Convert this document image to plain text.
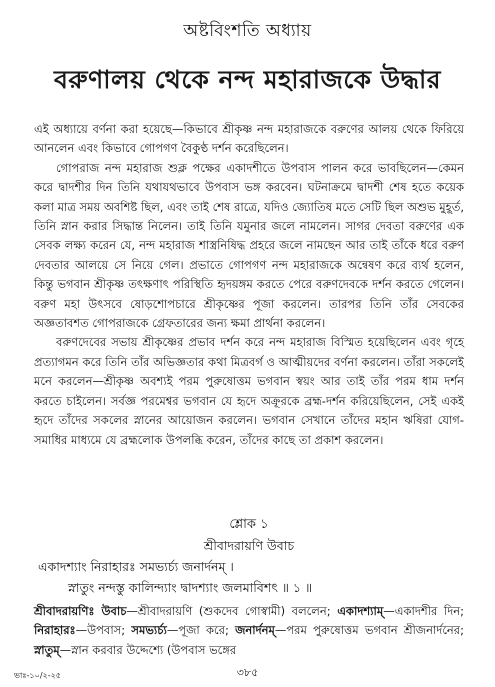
অষ্টবিংশতি অধ্যায়
বরুণালয় থেকে নন্দ মহারাজকে উদ্ধার

এই অধ্যায়ে বর্ণনা করা হয়েছে—কিভাবে শ্রীকৃষ্ণ নন্দ মহারাজকে বরুণের আলয় থেকে ফিরিয়ে আনলেন এবং কিভাবে গোপগণ বৈকুণ্ঠ দর্শন করেছিলেন।

গোপরাজ নন্দ মহারাজ শুক্ল পক্ষের একাদশীতে উপবাস পালন করে ভাবছিলেন—কেমন করে দ্বাদশীর দিন তিনি যথাযথভাবে উপবাস ভঙ্গ করবেন। ঘটনাক্রমে দ্বাদশী শেষ হতে কয়েক কলা মাত্র সময় অবশিষ্ট ছিল, এবং তাই শেষ রাত্রে, যদিও জ্যোতিষ মতে সেটি ছিল অশুভ মুহূর্ত, তিনি স্নান করার সিদ্ধান্ত নিলেন। তাই তিনি যমুনার জলে নামলেন। সাগর দেবতা বরুণের এক সেবক লক্ষ্য করেন যে, নন্দ মহারাজ শাস্ত্রনিষিদ্ধ প্রহরে জলে নামছেন আর তাই তাঁকে ধরে বরুণ দেবতার আলয়ে সে নিয়ে গেল। প্রভাতে গোপগণ নন্দ মহারাজকে অন্বেষণ করে ব্যর্থ হলেন, কিন্তু ভগবান শ্রীকৃষ্ণ তৎক্ষণাৎ পরিস্থিতি হৃদয়ঙ্গম করতে পেরে বরুণদেবকে দর্শন করতে গেলেন। বরুণ মহা উৎসবে ষোড়শোপচারে শ্রীকৃষ্ণের পূজা করলেন। তারপর তিনি তাঁর সেবকের অজ্ঞতাবশত গোপরাজকে গ্রেফতারের জন্য ক্ষমা প্রার্থনা করলেন।

বরুণদেবের সভায় শ্রীকৃষ্ণের প্রভাব দর্শন করে নন্দ মহারাজ বিস্মিত হয়েছিলেন এবং গৃহে প্রত্যাগমন করে তিনি তাঁর অভিজ্ঞতার কথা মিত্রবর্গ ও আত্মীয়দের বর্ণনা করলেন। তাঁরা সকলেই মনে করলেন—শ্রীকৃষ্ণ অবশ্যই পরম পুরুষোত্তম ভগবান স্বয়ং আর তাই তাঁর পরম ধাম দর্শন করতে চাইলেন। সর্বজ্ঞ পরমেশ্বর ভগবান যে হৃদে অক্রূরকে ব্রহ্ম-দর্শন করিয়েছিলেন, সেই একই হৃদে তাঁদের সকলের স্নানের আয়োজন করলেন। ভগবান সেখানে তাঁদের মহান ঋষিরা যোগ-সমাধির মাধ্যমে যে ব্রহ্মলোক উপলব্ধি করেন, তাঁদের কাছে তা প্রকাশ করলেন।

শ্লোক ১

শ্রীবাদরায়ণি উবাচ

একাদশ্যাং নিরাহারঃ সমভ্যর্চ্য জনার্দনম্ ।

স্নাতুং নন্দস্তু কালিন্দ্যাং দ্বাদশ্যাং জলমাবিশৎ ॥ ১ ॥

শ্রীবাদরায়ণিঃ উবাচ—শ্রীবাদরায়ণি (শুকদেব গোস্বামী) বললেন; একাদশ্যাম্—একাদশীর দিন; নিরাহারঃ—উপবাস; সমভ্যর্চ্য—পূজা করে; জনার্দনম্—পরম পুরুষোত্তম ভগবান শ্রীজনার্দনের; স্নাতুম্—স্নান করবার উদ্দেশ্যে (উপবাস ভঙ্গের
৩৮৫
ভাঃ-১০/২-২৫
